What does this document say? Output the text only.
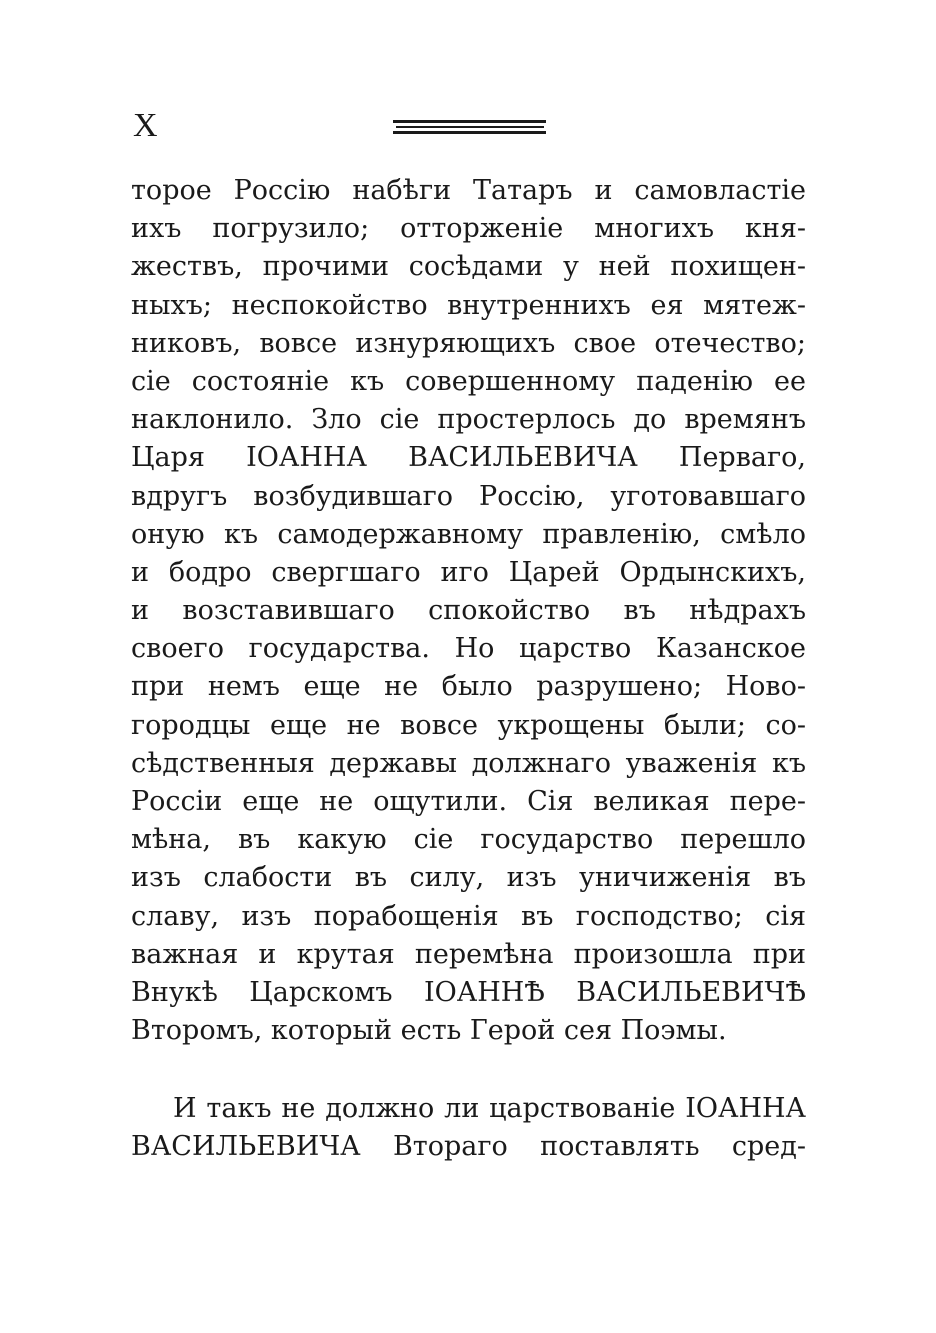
X
торое Россію набѣги Татаръ и самовластіе
ихъ погрузило; отторженіе многихъ кня-
жествъ, прочими сосѣдами у ней похищен-
ныхъ; неспокойство внутреннихъ ея мятеж-
никовъ, вовсе изнуряющихъ свое отечество;
сіе состояніе къ совершенному паденію ее
наклонило. Зло сіе простерлось до времянъ
Царя ІОАННА ВАСИЛЬЕВИЧА Перваго,
вдругъ возбудившаго Россію, уготовавшаго
оную къ самодержавному правленію, смѣло
и бодро свергшаго иго Царей Ордынскихъ,
и возставившаго спокойство въ нѣдрахъ
своего государства. Но царство Казанское
при немъ еще не было разрушено; Ново-
городцы еще не вовсе укрощены были; со-
сѣдственныя державы должнаго уваженія къ
Россіи еще не ощутили. Сія великая пере-
мѣна, въ какую сіе государство перешло
изъ слабости въ силу, изъ уничиженія въ
славу, изъ порабощенія въ господство; сія
важная и крутая перемѣна произошла при
Внукѣ Царскомъ ІОАННѢ ВАСИЛЬЕВИЧѢ
Второмъ, который есть Герой сея Поэмы.
И такъ не должно ли царствованіе ІОАННА
ВАСИЛЬЕВИЧА Втораго поставлять сред-
